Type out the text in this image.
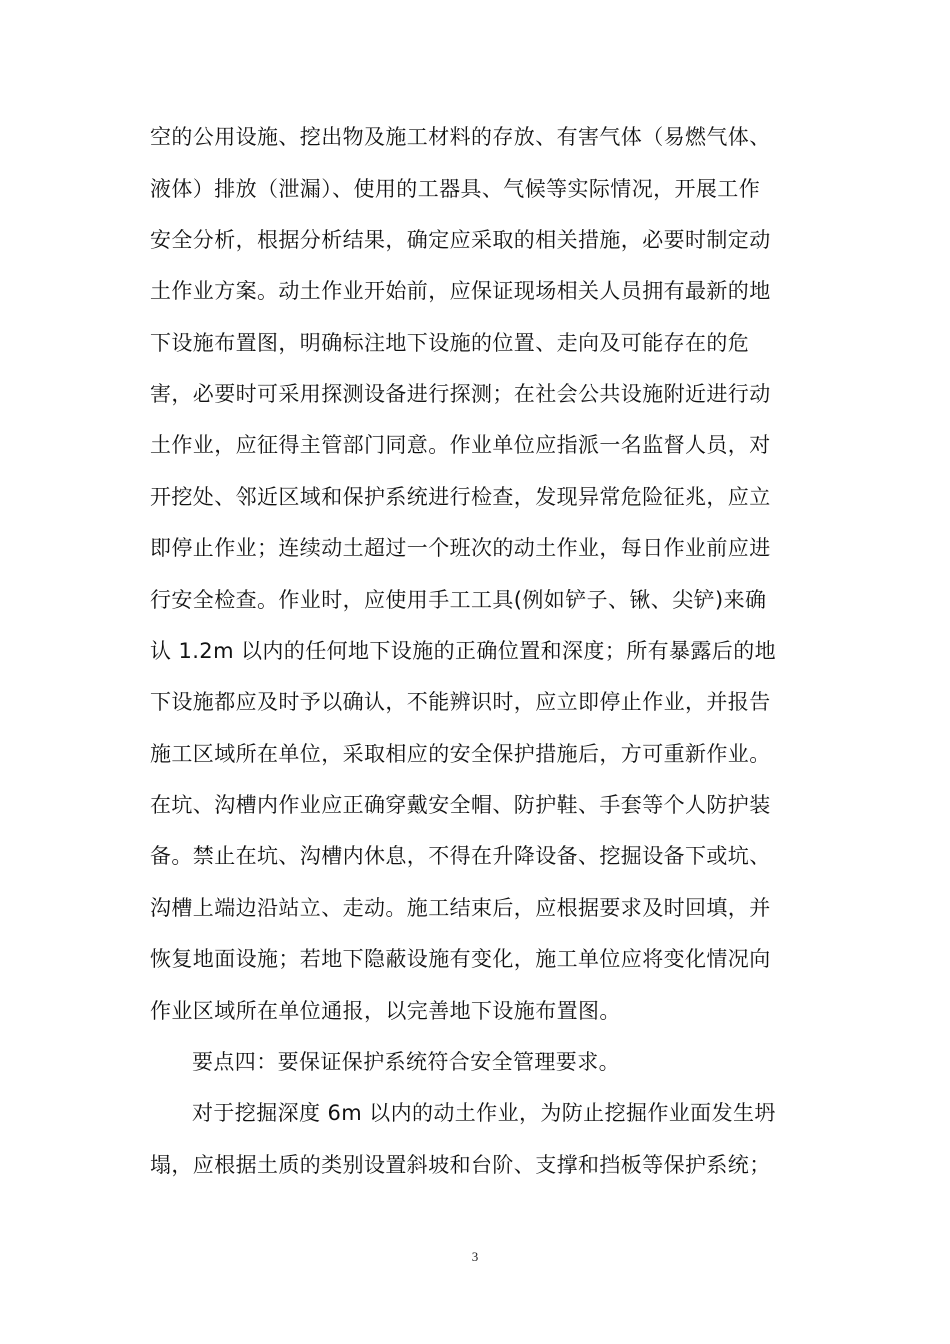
空的公用设施、挖出物及施工材料的存放、有害气体（易燃气体、
液体）排放（泄漏）、使用的工器具、气候等实际情况，开展工作
安全分析，根据分析结果，确定应采取的相关措施，必要时制定动
土作业方案。动土作业开始前，应保证现场相关人员拥有最新的地
下设施布置图，明确标注地下设施的位置、走向及可能存在的危
害，必要时可采用探测设备进行探测；在社会公共设施附近进行动
土作业，应征得主管部门同意。作业单位应指派一名监督人员，对
开挖处、邻近区域和保护系统进行检查，发现异常危险征兆，应立
即停止作业；连续动土超过一个班次的动土作业，每日作业前应进
行安全检查。作业时，应使用手工工具(例如铲子、锹、尖铲)来确
认 1.2m 以内的任何地下设施的正确位置和深度；所有暴露后的地
下设施都应及时予以确认，不能辨识时，应立即停止作业，并报告
施工区域所在单位，采取相应的安全保护措施后，方可重新作业。
在坑、沟槽内作业应正确穿戴安全帽、防护鞋、手套等个人防护装
备。禁止在坑、沟槽内休息，不得在升降设备、挖掘设备下或坑、
沟槽上端边沿站立、走动。施工结束后，应根据要求及时回填，并
恢复地面设施；若地下隐蔽设施有变化，施工单位应将变化情况向
作业区域所在单位通报，以完善地下设施布置图。
要点四：要保证保护系统符合安全管理要求。
对于挖掘深度 6m 以内的动土作业，为防止挖掘作业面发生坍
塌，应根据土质的类别设置斜坡和台阶、支撑和挡板等保护系统；
3
